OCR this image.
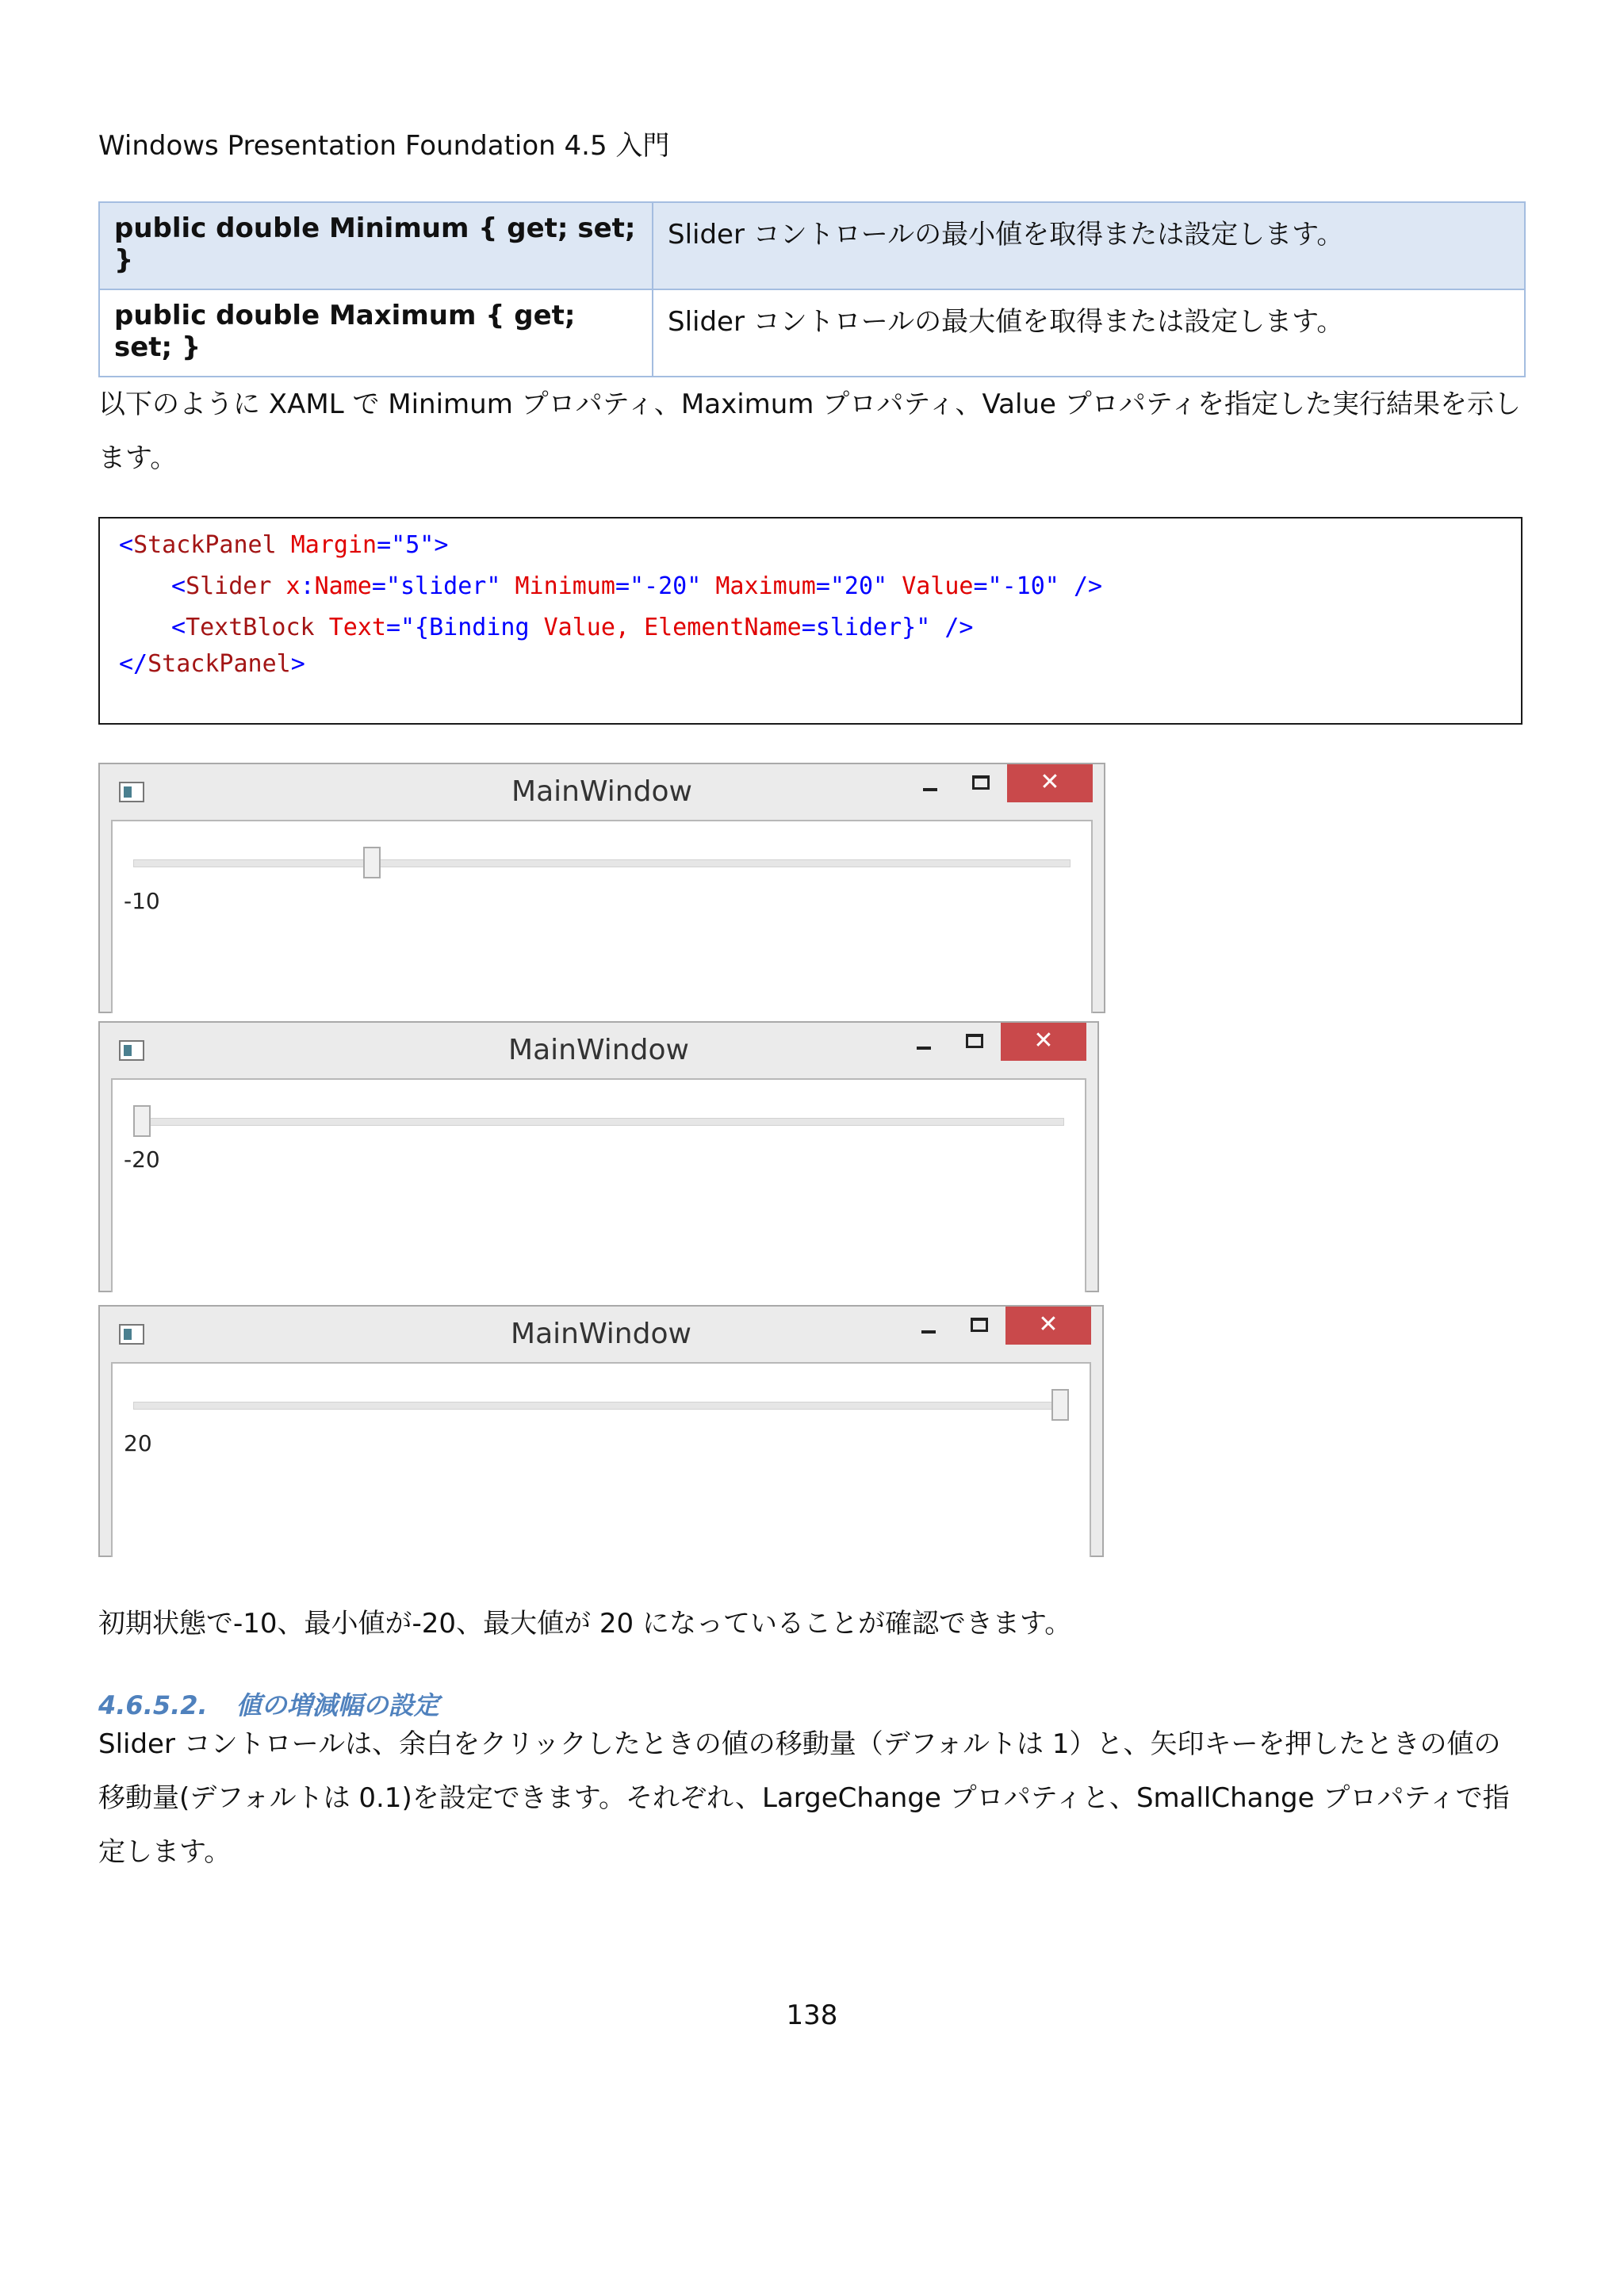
Windows Presentation Foundation 4.5 入門
public double Minimum { get; set; }	Slider コントロールの最小値を取得または設定します。
public double Maximum { get; set; }	Slider コントロールの最大値を取得または設定します。
以下のように XAML で Minimum プロパティ、Maximum プロパティ、Value プロパティを指定した実行結果を示し
ます。
<StackPanel Margin="5">
<Slider x:Name="slider" Minimum="-20" Maximum="20" Value="-10" />
<TextBlock Text="{Binding Value, ElementName=slider}" />
</StackPanel>
MainWindow	✕
-10
MainWindow	✕
-20
MainWindow	✕
20
初期状態で-10、最小値が-20、最大値が 20 になっていることが確認できます。
4.6.5.2. 値の増減幅の設定
Slider コントロールは、余白をクリックしたときの値の移動量（デフォルトは 1）と、矢印キーを押したときの値の
移動量(デフォルトは 0.1)を設定できます。それぞれ、LargeChange プロパティと、SmallChange プロパティで指
定します。
138
